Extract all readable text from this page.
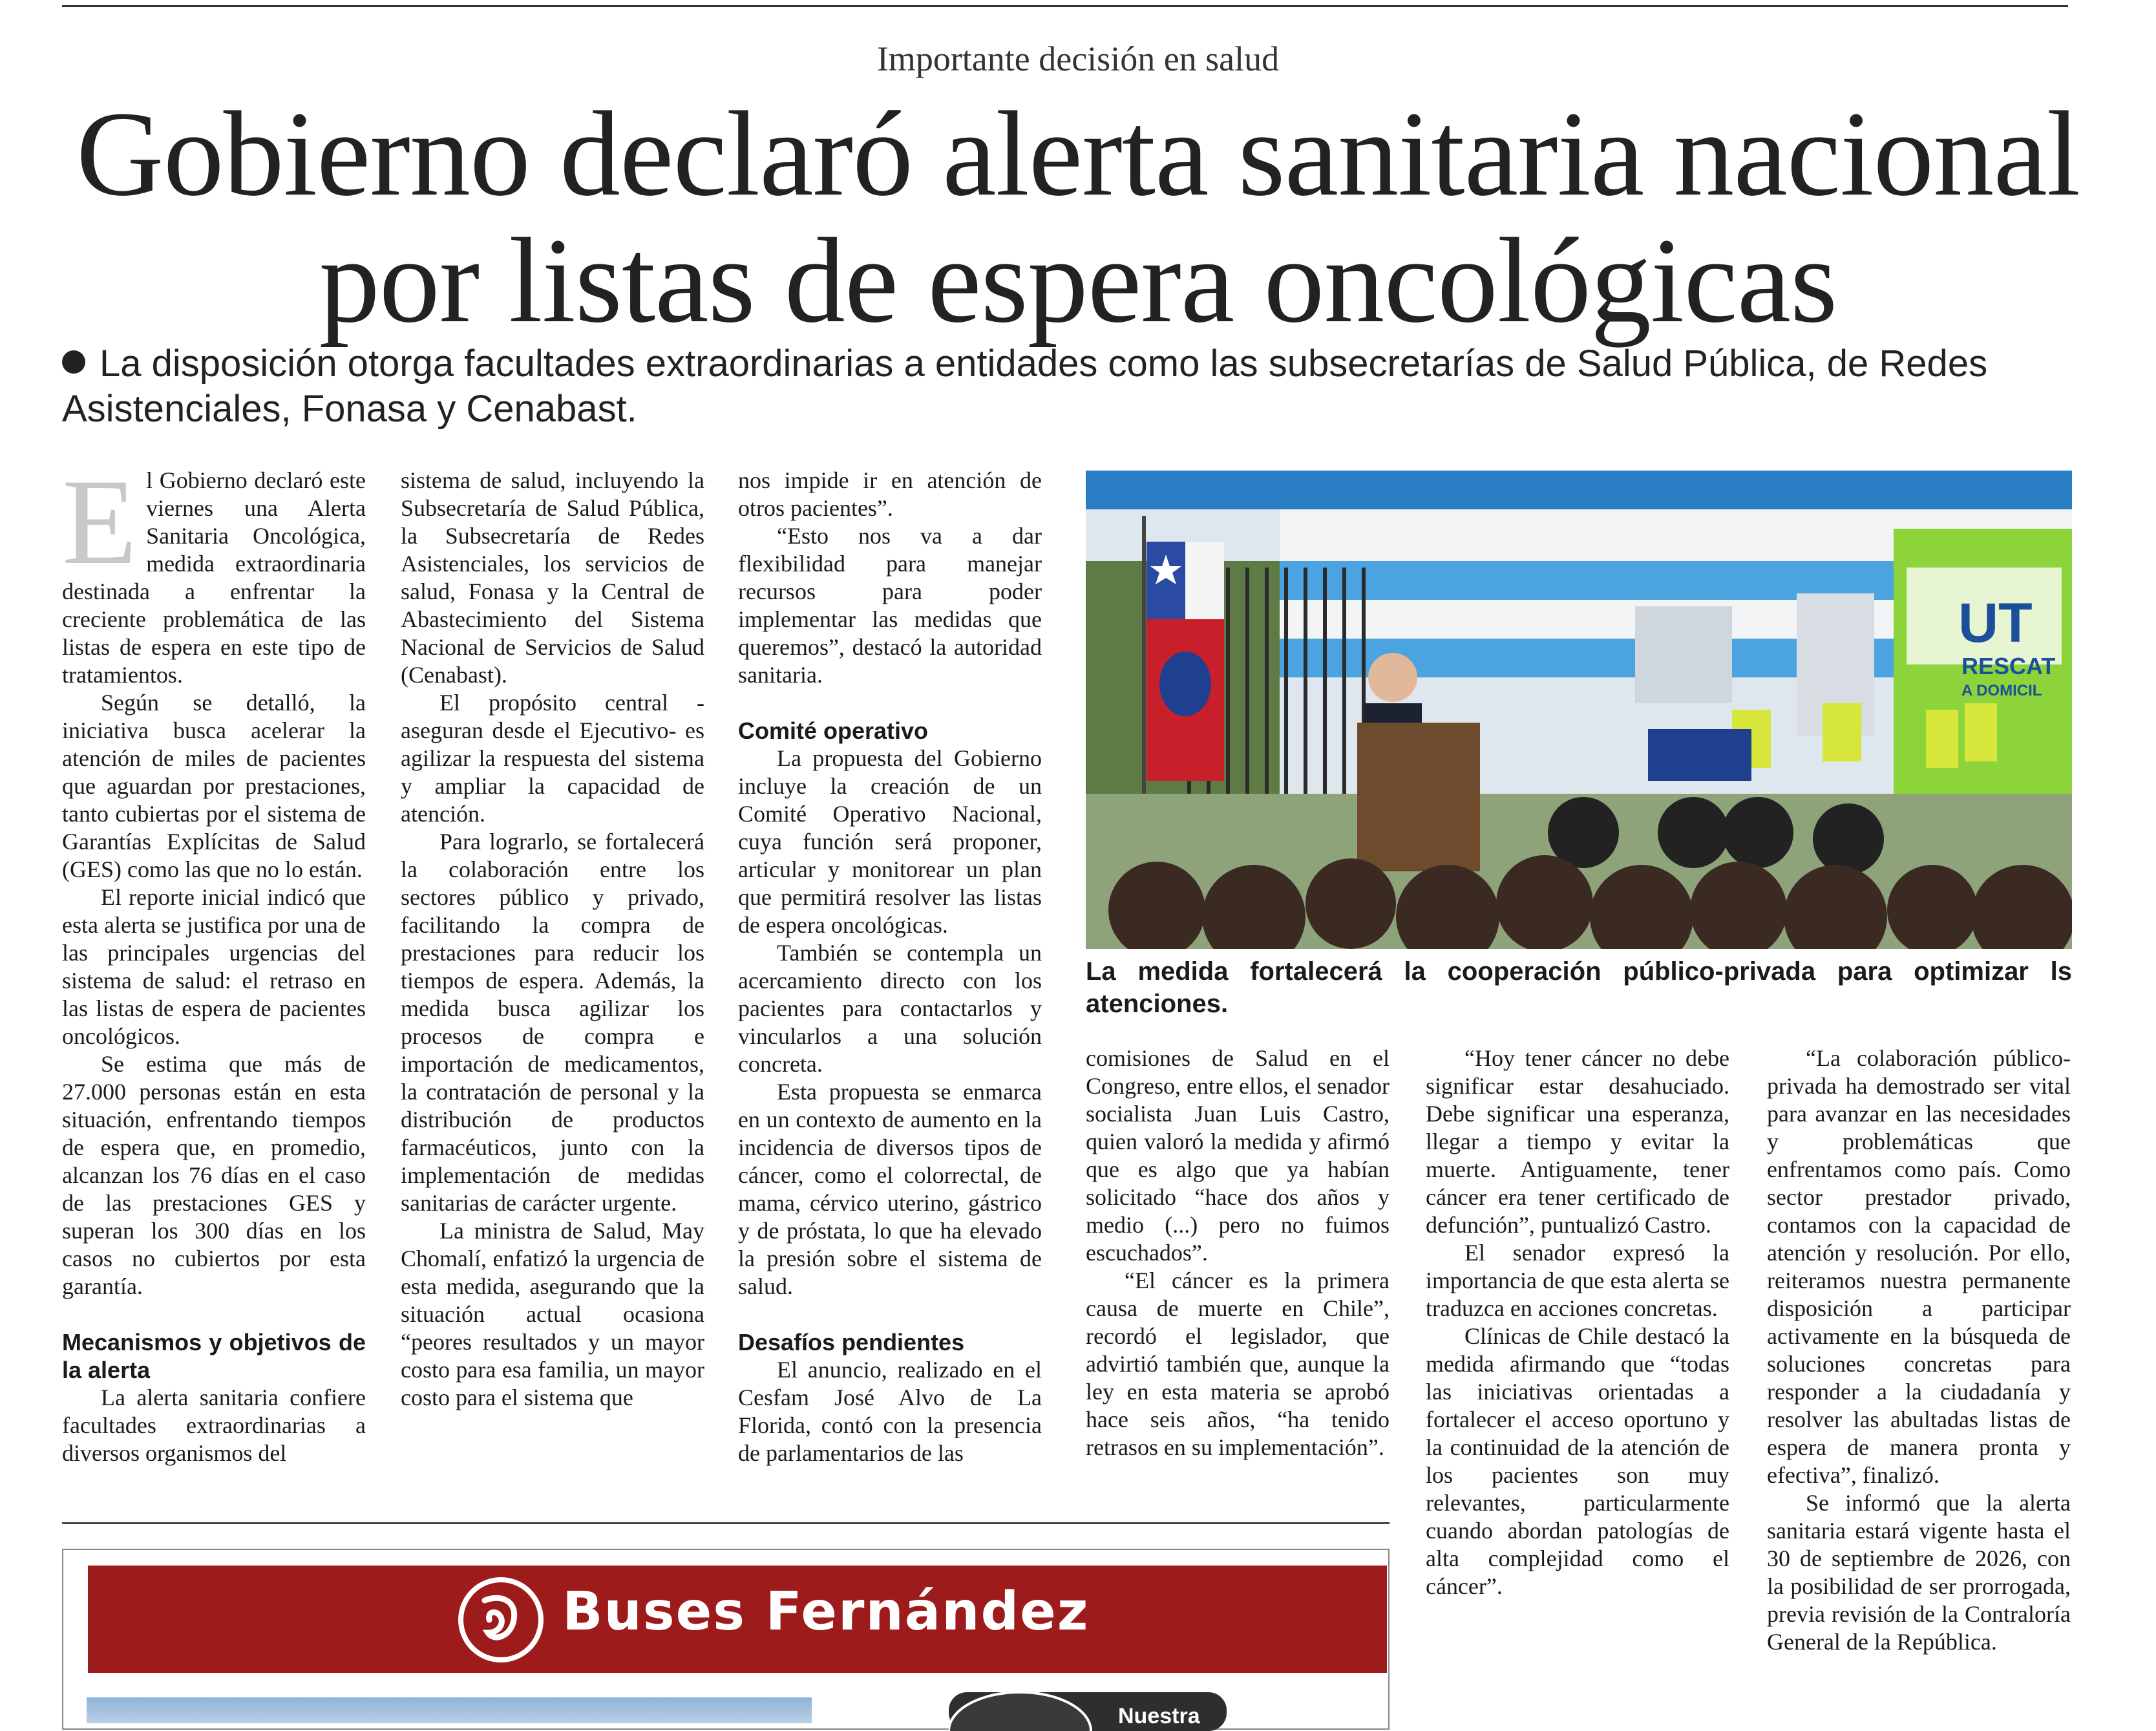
Importante decisión en salud
Gobierno declaró alerta sanitaria nacional
por listas de espera oncológicas
La disposición otorga facultades extraordinarias a entidades como las subsecretarías de Salud Pública, de Redes Asistenciales, Fonasa y Cenabast.

El Gobierno declaró este viernes una Alerta Sanitaria Oncológica, medida extraordinaria destinada a enfrentar la creciente problemática de las listas de espera en este tipo de tratamientos.

Según se detalló, la iniciativa busca acelerar la atención de miles de pacientes que aguardan por prestaciones, tanto cubiertas por el sistema de Garantías Explícitas de Salud (GES) como las que no lo están.

El reporte inicial indicó que esta alerta se justifica por una de las principales urgencias del sistema de salud: el retraso en las listas de espera de pacientes oncológicos.

Se estima que más de 27.000 personas están en esta situación, enfrentando tiempos de espera que, en promedio, alcanzan los 76 días en el caso de las prestaciones GES y superan los 300 días en los casos no cubiertos por esta garantía.

Mecanismos y objetivos de la alerta

La alerta sanitaria confiere facultades extraordinarias a diversos organismos del

sistema de salud, incluyendo la Subsecretaría de Salud Pública, la Subsecretaría de Redes Asistenciales, los servicios de salud, Fonasa y la Central de Abastecimiento del Sistema Nacional de Servicios de Salud (Cenabast).

El propósito central -aseguran desde el Ejecutivo- es agilizar la respuesta del sistema y ampliar la capacidad de atención.

Para lograrlo, se fortalecerá la colaboración entre los sectores público y privado, facilitando la compra de prestaciones para reducir los tiempos de espera. Además, la medida busca agilizar los procesos de compra e importación de medicamentos, la contratación de personal y la distribución de productos farmacéuticos, junto con la implementación de medidas sanitarias de carácter urgente.

La ministra de Salud, May Chomalí, enfatizó la urgencia de esta medida, asegurando que la situación actual ocasiona “peores resultados y un mayor costo para esa familia, un mayor costo para el sistema que

nos impide ir en atención de otros pacientes”.

“Esto nos va a dar flexibilidad para manejar recursos para poder implementar las medidas que queremos”, destacó la autoridad sanitaria.

Comité operativo

La propuesta del Gobierno incluye la creación de un Comité Operativo Nacional, cuya función será proponer, articular y monitorear un plan que permitirá resolver las listas de espera oncológicas.

También se contempla un acercamiento directo con los pacientes para contactarlos y vincularlos a una solución concreta.

Esta propuesta se enmarca en un contexto de aumento en la incidencia de diversos tipos de cáncer, como el colorrectal, de mama, cérvico uterino, gástrico y de próstata, lo que ha elevado la presión sobre el sistema de salud.

Desafíos pendientes

El anuncio, realizado en el Cesfam José Alvo de La Florida, contó con la presencia de parlamentarios de las

UT
RESCAT
A DOMICIL
La medida fortalecerá la cooperación público-privada para optimizar ls atenciones.

comisiones de Salud en el Congreso, entre ellos, el senador socialista Juan Luis Castro, quien valoró la medida y afirmó que es algo que ya habían solicitado “hace dos años y medio (...) pero no fuimos escuchados”.

“El cáncer es la primera causa de muerte en Chile”, recordó el legislador, que advirtió también que, aunque la ley en esta materia se aprobó hace seis años, “ha tenido retrasos en su implementación”.

“Hoy tener cáncer no debe significar estar desahuciado. Debe significar una esperanza, llegar a tiempo y evitar la muerte. Antiguamente, tener cáncer era tener certificado de defunción”, puntualizó Castro.

El senador expresó la importancia de que esta alerta se traduzca en acciones concretas.

Clínicas de Chile destacó la medida afirmando que “todas las iniciativas orientadas a fortalecer el acceso oportuno y la continuidad de la atención de los pacientes son muy relevantes, particularmente cuando abordan patologías de alta complejidad como el cáncer”.

“La colaboración público-privada ha demostrado ser vital para avanzar en las necesidades y problemáticas que enfrentamos como país. Como sector prestador privado, contamos con la capacidad de atención y resolución. Por ello, reiteramos nuestra permanente disposición a participar activamente en la búsqueda de soluciones concretas para responder a la ciudadanía y resolver las abultadas listas de espera de manera pronta y efectiva”, finalizó.

Se informó que la alerta sanitaria estará vigente hasta el 30 de septiembre de 2026, con la posibilidad de ser prorrogada, previa revisión de la Contraloría General de la República.

Buses Fernández
Nuestra
